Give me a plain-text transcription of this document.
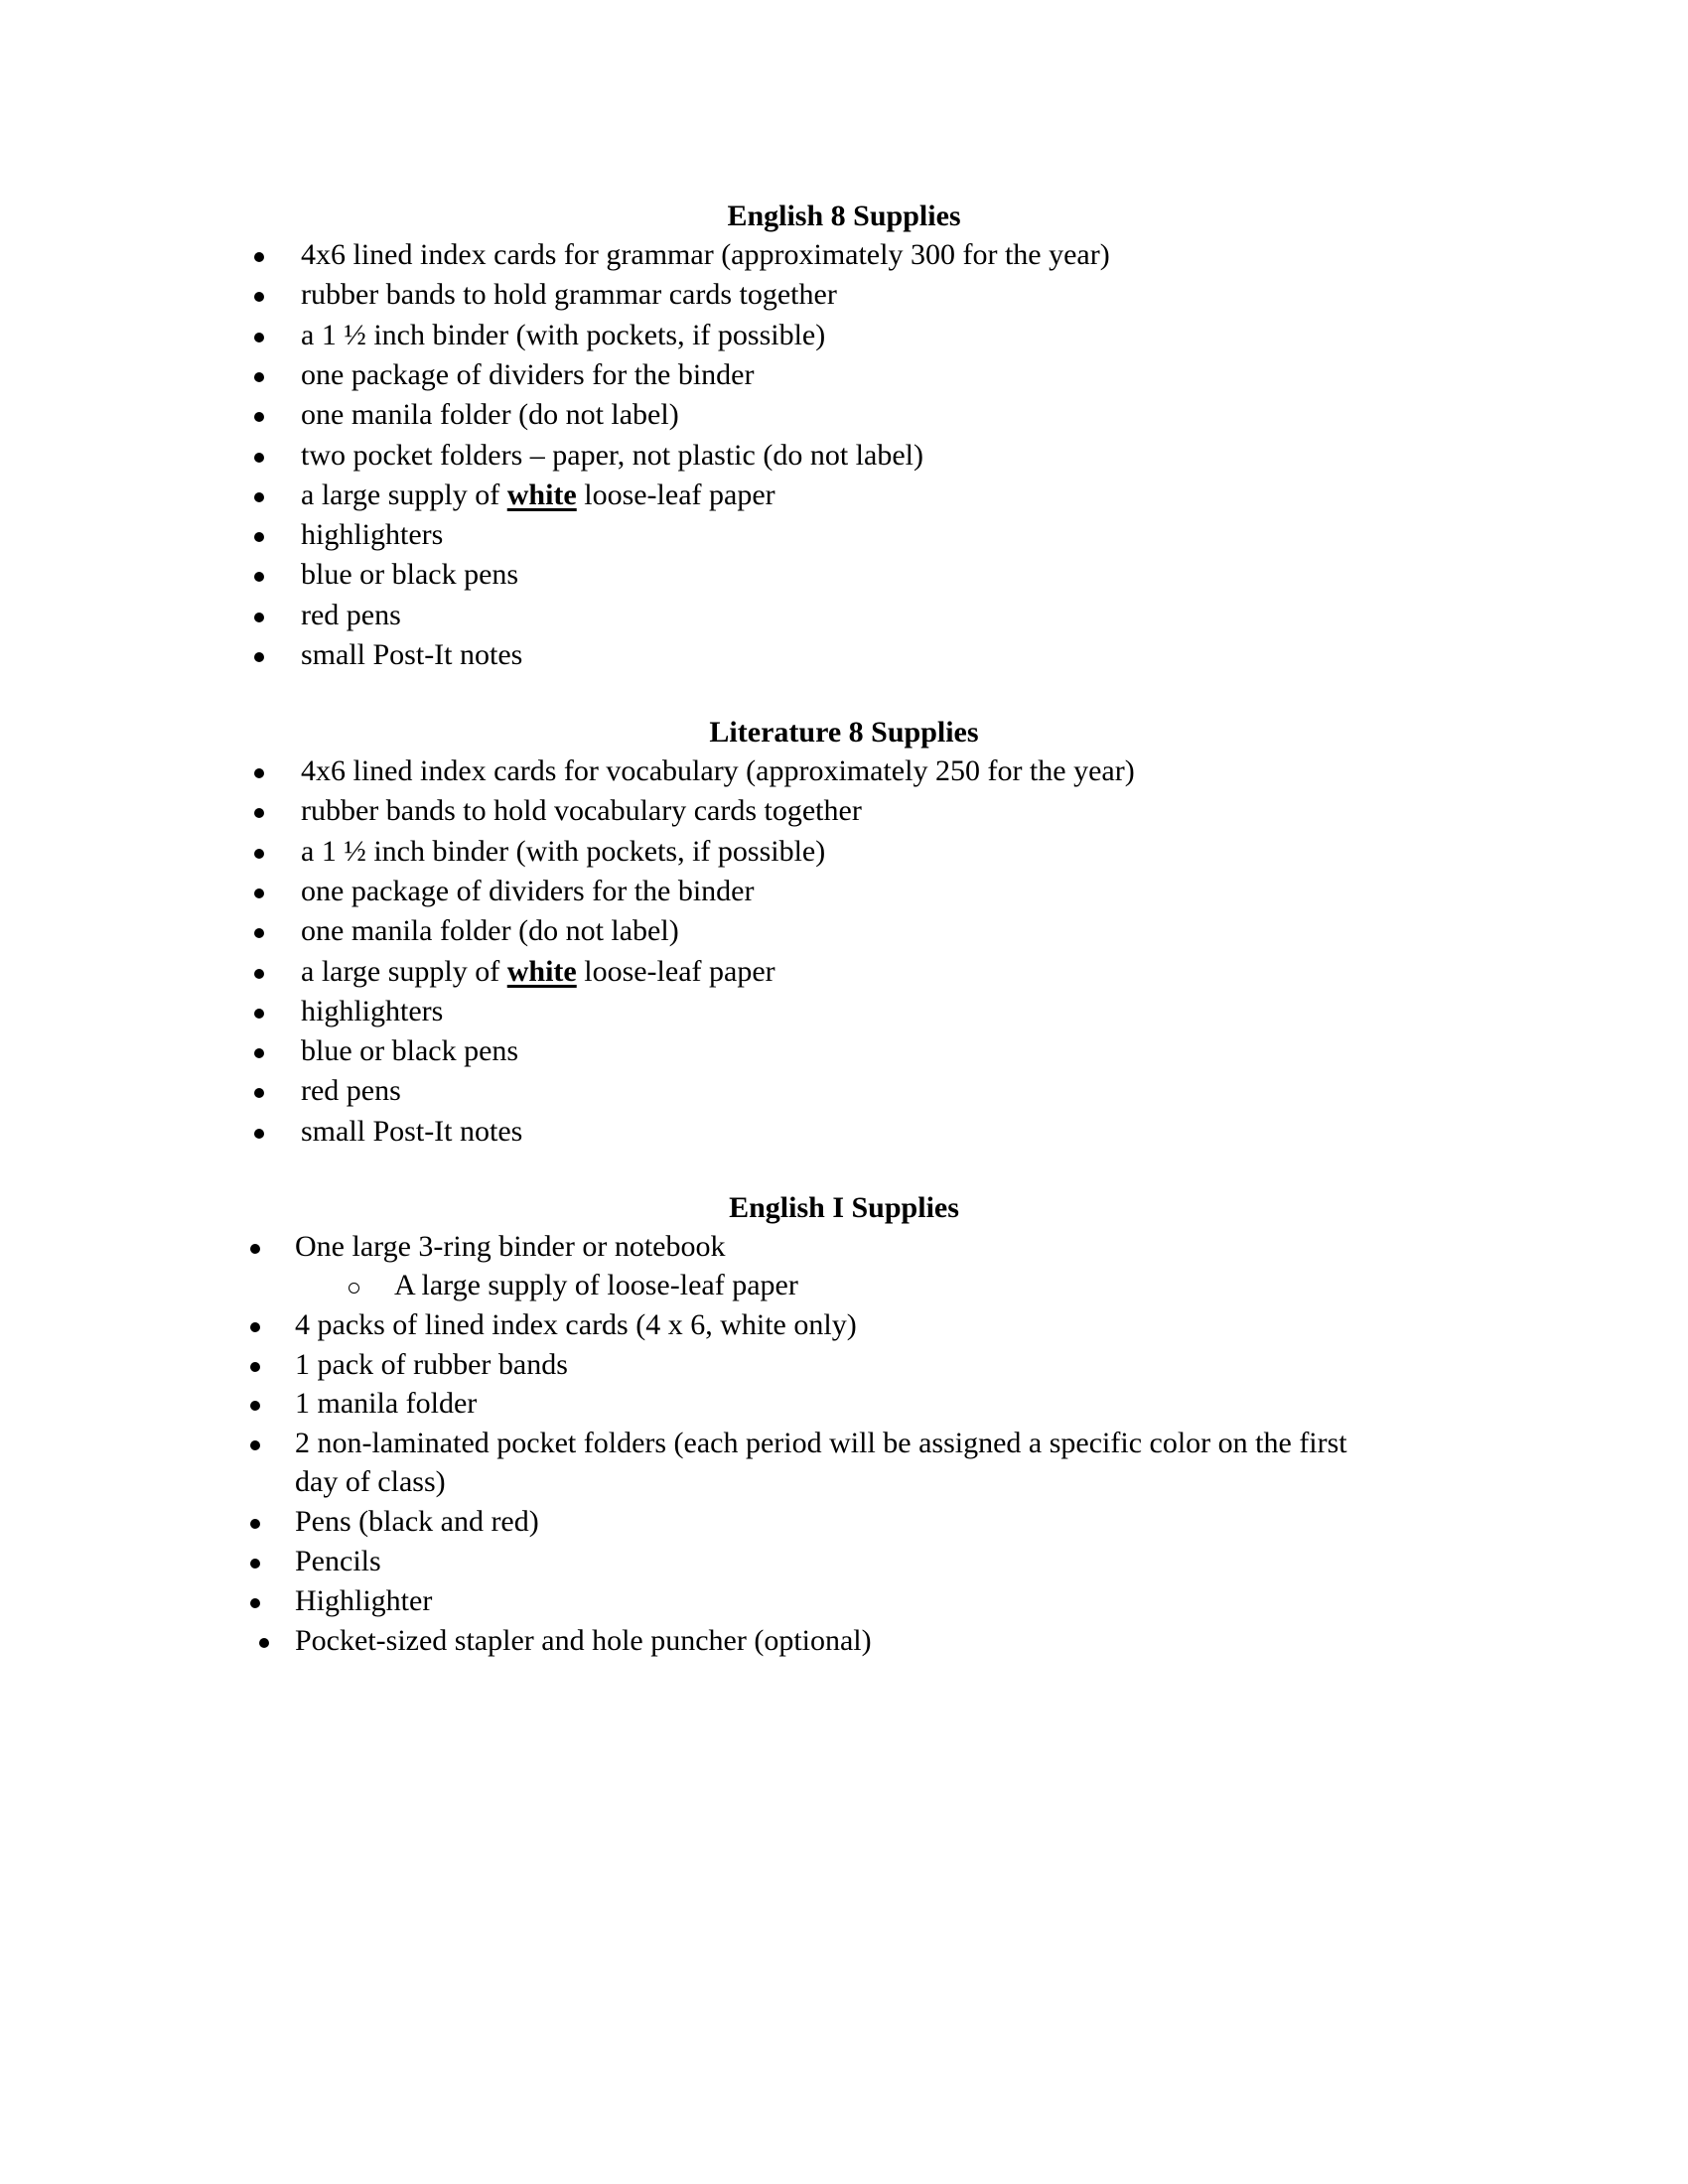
English 8 Supplies
4x6 lined index cards for grammar (approximately 300 for the year)
rubber bands to hold grammar cards together
a 1 ½ inch binder (with pockets, if possible)
one package of dividers for the binder
one manila folder (do not label)
two pocket folders – paper, not plastic (do not label)
a large supply of white loose-leaf paper
highlighters
blue or black pens
red pens
small Post-It notes
Literature 8 Supplies
4x6 lined index cards for vocabulary (approximately 250 for the year)
rubber bands to hold vocabulary cards together
a 1 ½ inch binder (with pockets, if possible)
one package of dividers for the binder
one manila folder (do not label)
a large supply of white loose-leaf paper
highlighters
blue or black pens
red pens
small Post-It notes
English I Supplies
One large 3-ring binder or notebook
A large supply of loose-leaf paper
4 packs of lined index cards (4 x 6, white only)
1 pack of rubber bands
1 manila folder
2 non-laminated pocket folders (each period will be assigned a specific color on the first
day of class)
Pens (black and red)
Pencils
Highlighter
Pocket-sized stapler and hole puncher (optional)
